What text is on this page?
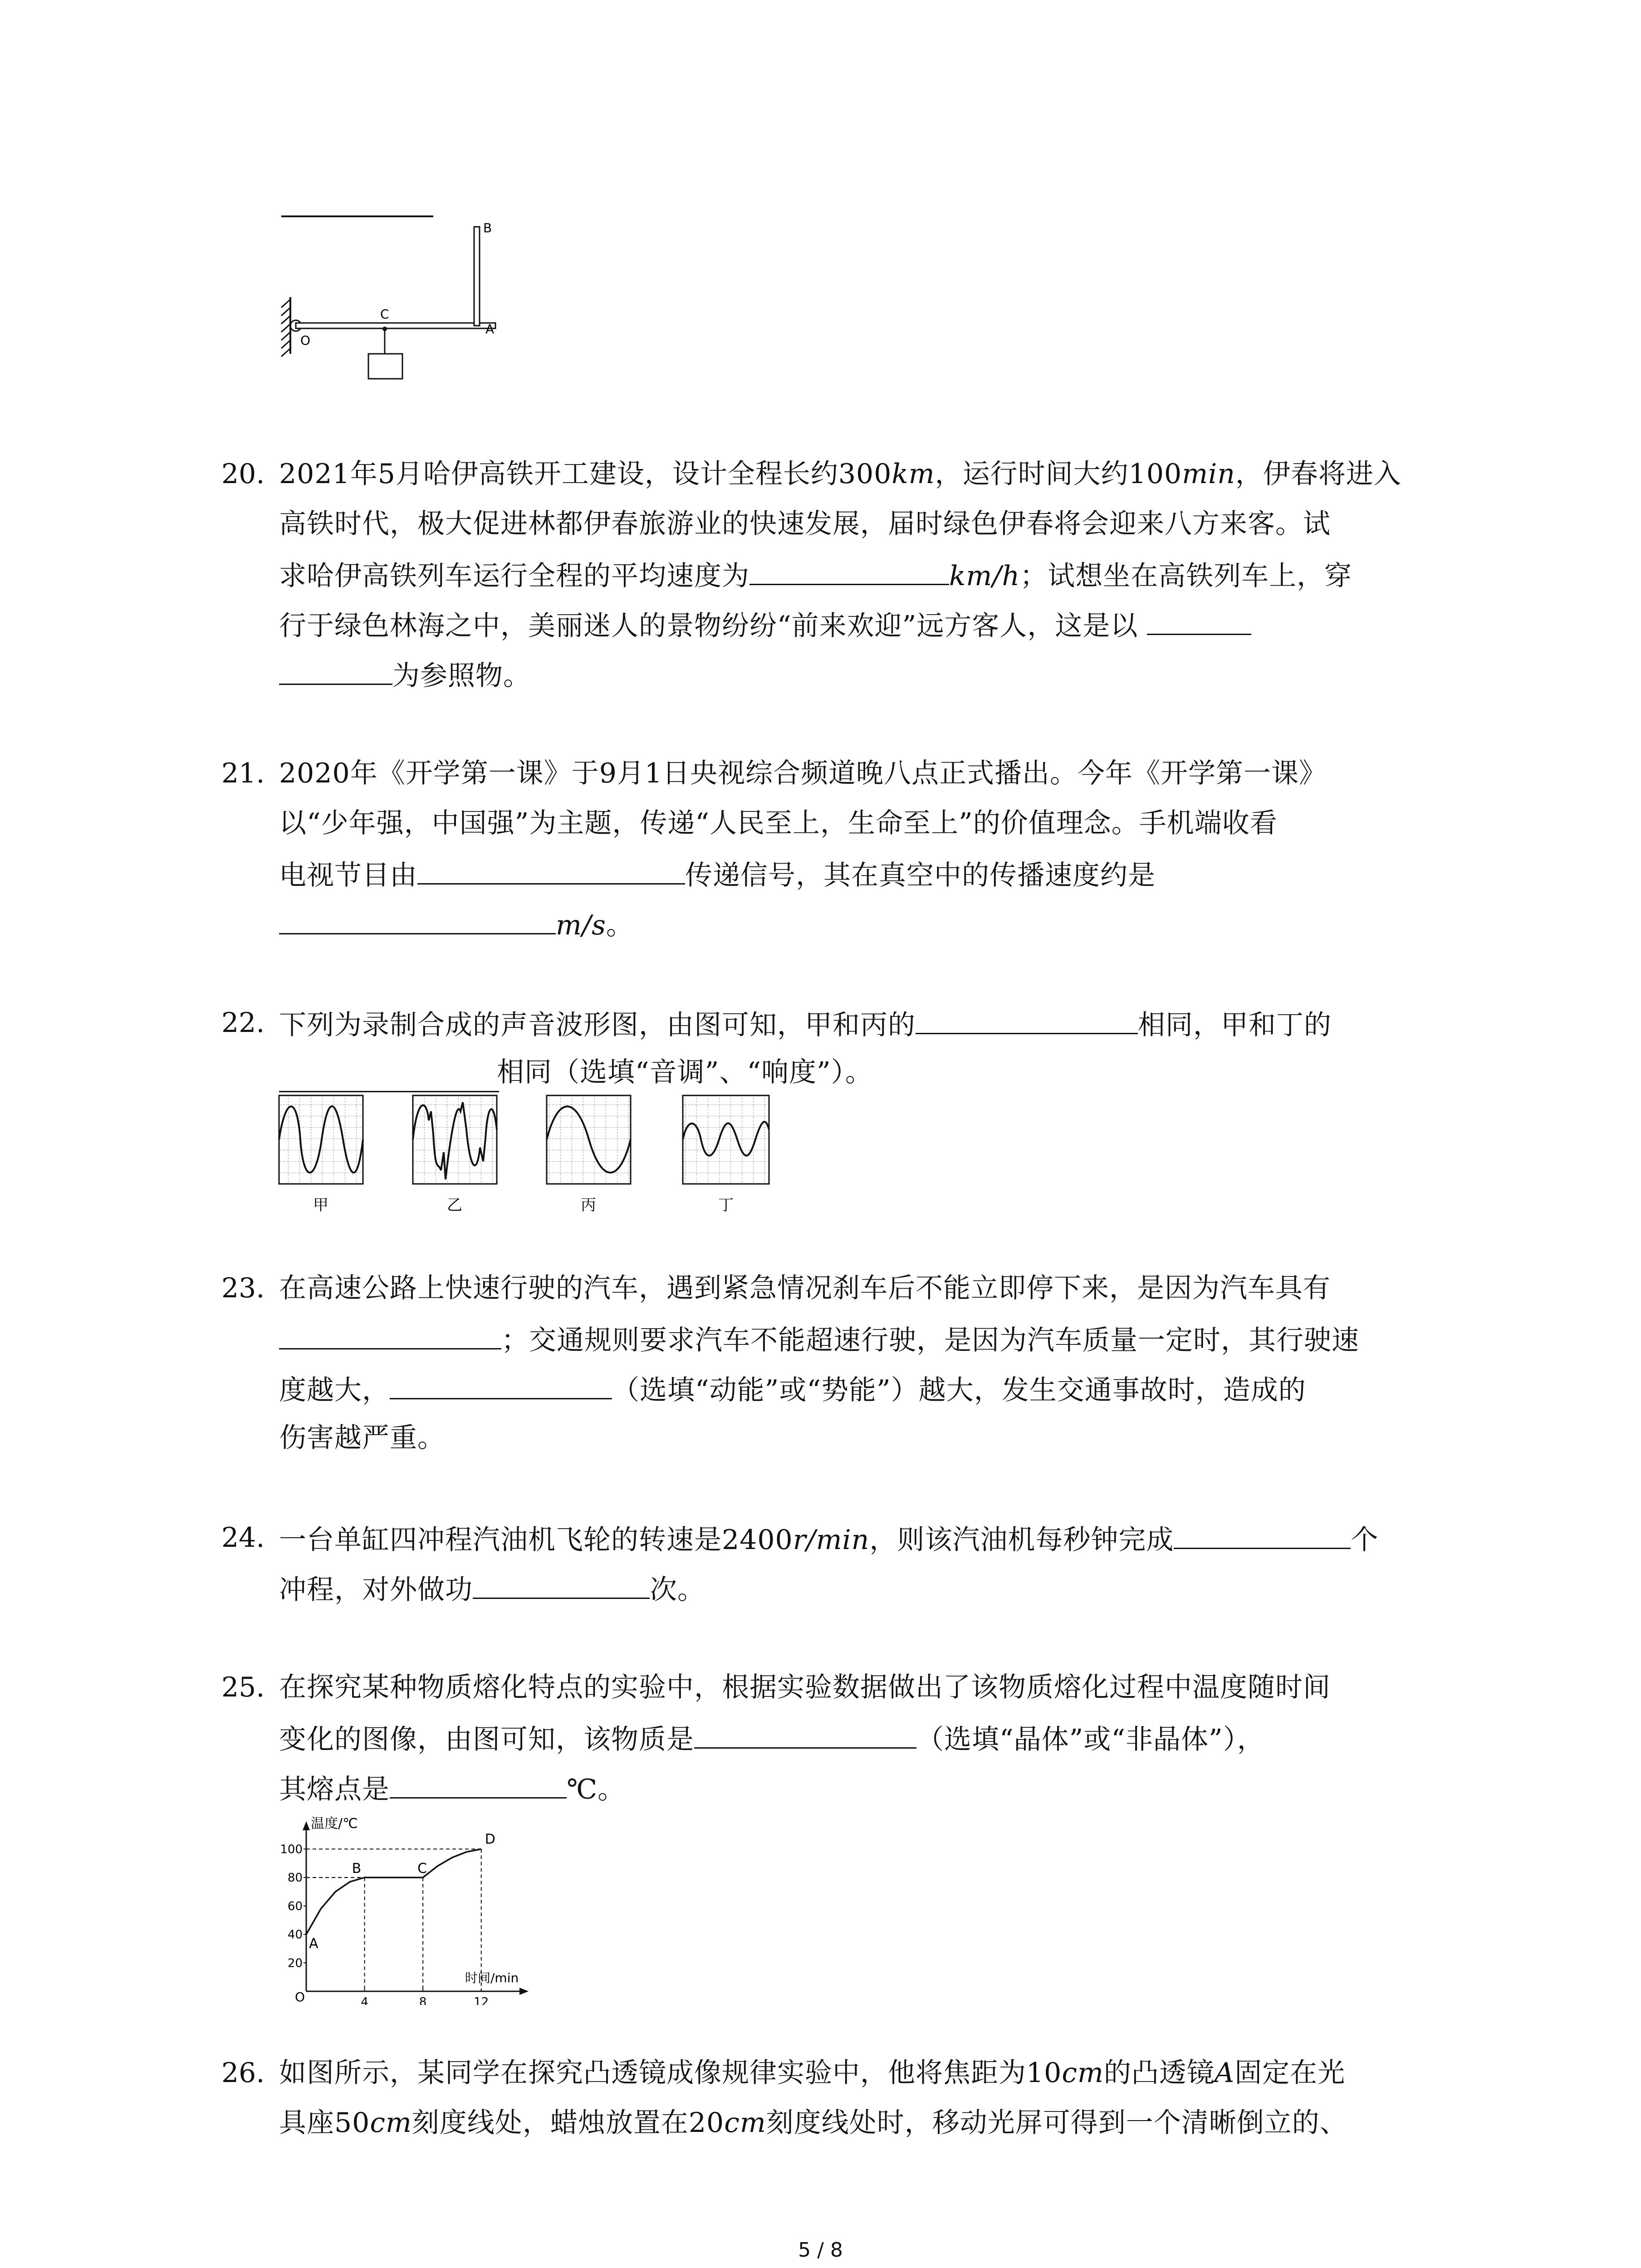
B
C
O
A
20. 2021年5月哈伊高铁开工建设，设计全程长约300km，运行时间大约100min，伊春将进入
高铁时代，极大促进林都伊春旅游业的快速发展，届时绿色伊春将会迎来八方来客。试
求哈伊高铁列车运行全程的平均速度为	km/h；试想坐在高铁列车上，穿
行于绿色林海之中，美丽迷人的景物纷纷“前来欢迎”远方客人，这是以
为参照物。
21. 2020年《开学第一课》于9月1日央视综合频道晚八点正式播出。今年《开学第一课》
以“少年强，中国强”为主题，传递“人民至上，生命至上”的价值理念。手机端收看
电视节目由	传递信号，其在真空中的传播速度约是
m/s。
22. 下列为录制合成的声音波形图，由图可知，甲和丙的	相同，甲和丁的
相同（选填“音调”、“响度”）。
甲	乙	丙	丁
23. 在高速公路上快速行驶的汽车，遇到紧急情况刹车后不能立即停下来，是因为汽车具有
；交通规则要求汽车不能超速行驶，是因为汽车质量一定时，其行驶速
度越大，	（选填“动能”或“势能”）越大，发生交通事故时，造成的
伤害越严重。
24. 一台单缸四冲程汽油机飞轮的转速是2400r/min，则该汽油机每秒钟完成	个
冲程，对外做功	次。
25. 在探究某种物质熔化特点的实验中，根据实验数据做出了该物质熔化过程中温度随时间
变化的图像，由图可知，该物质是	（选填“晶体”或“非晶体”），
其熔点是	℃。
20
40
60
80
100
4	8	12
A
B	C
D
温度/℃
时间/min
O
26. 如图所示，某同学在探究凸透镜成像规律实验中，他将焦距为10cm的凸透镜A固定在光
具座50cm刻度线处，蜡烛放置在20cm刻度线处时，移动光屏可得到一个清晰倒立的、
5 / 8
